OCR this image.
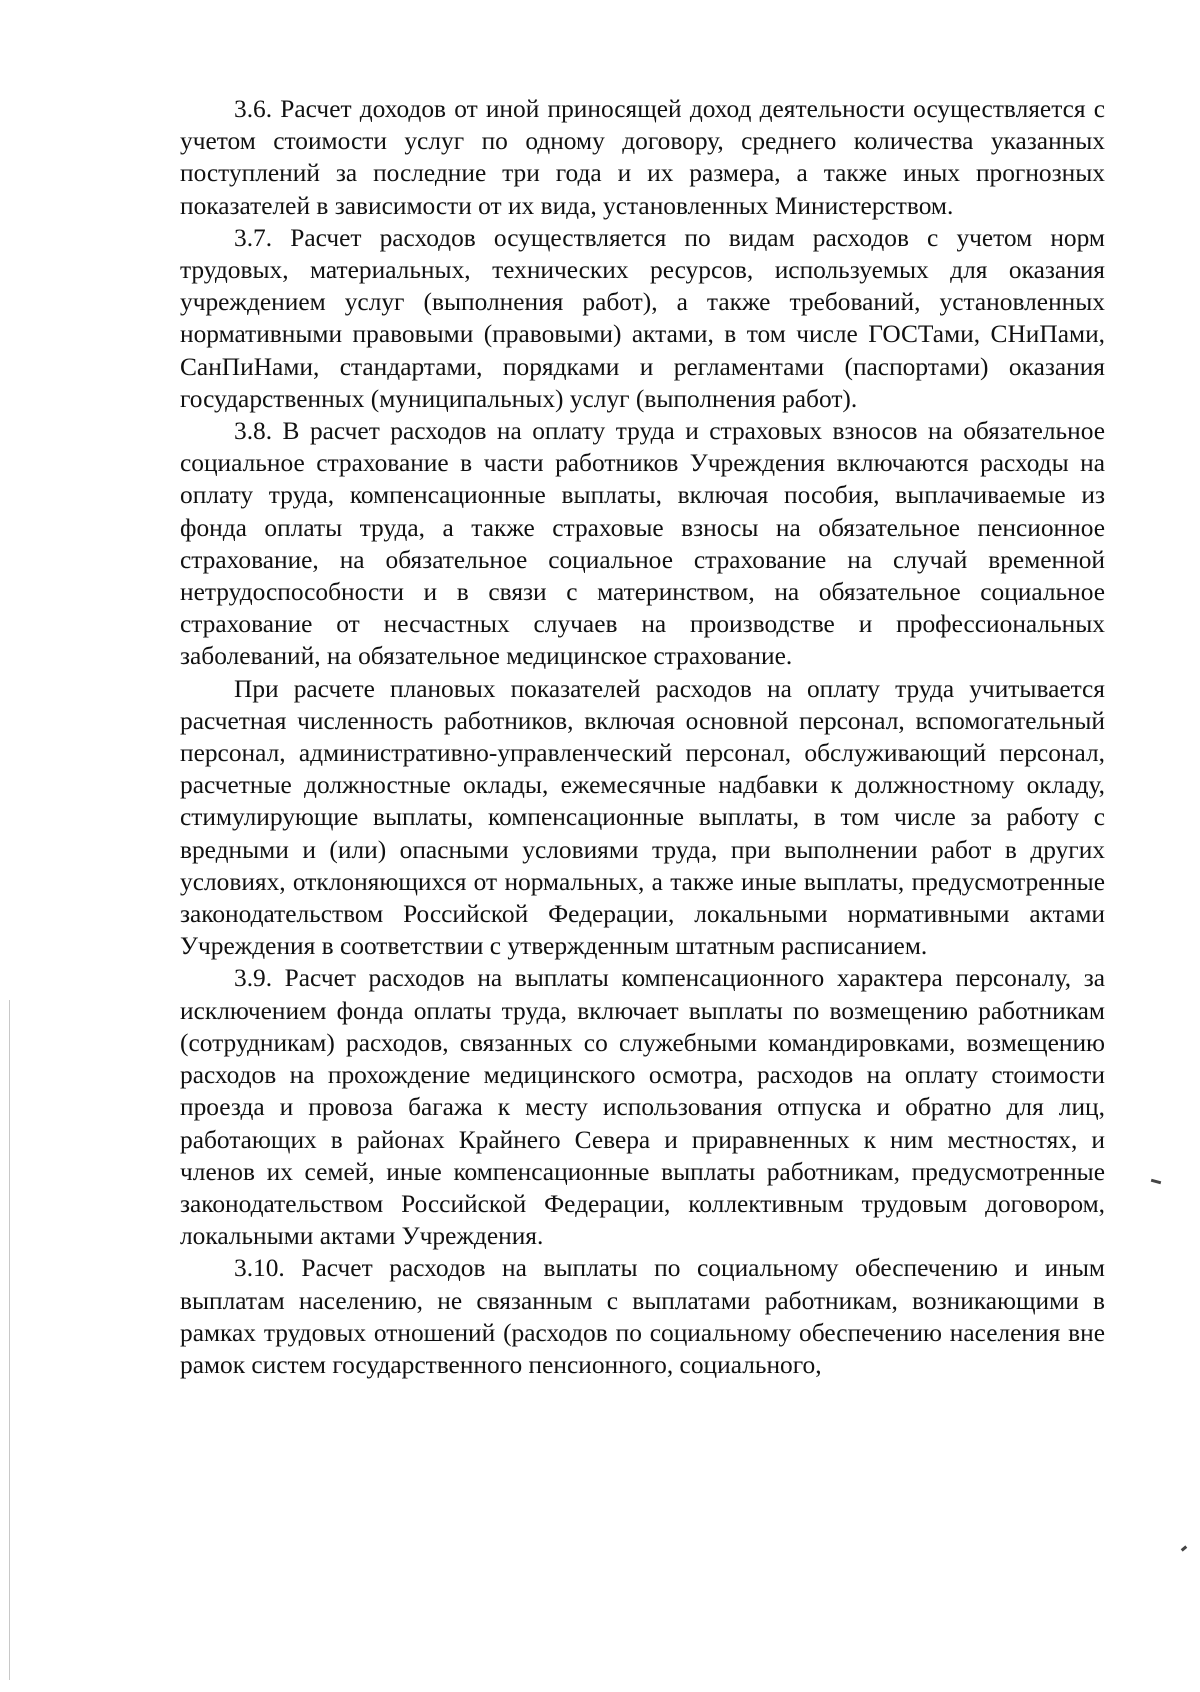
3.6. Расчет доходов от иной приносящей доход деятельности осуществляется с учетом стоимости услуг по одному договору, среднего количества указанных поступлений за последние три года и их размера, а также иных прогнозных показателей в зависимости от их вида, установленных Министерством.

3.7. Расчет расходов осуществляется по видам расходов с учетом норм трудовых, материальных, технических ресурсов, используемых для оказания учреждением услуг (выполнения работ), а также требований, установленных нормативными правовыми (правовыми) актами, в том числе ГОСТами, СНиПами, СанПиНами, стандартами, порядками и регламентами (паспортами) оказания государственных (муниципальных) услуг (выполнения работ).

3.8. В расчет расходов на оплату труда и страховых взносов на обязательное социальное страхование в части работников Учреждения включаются расходы на оплату труда, компенсационные выплаты, включая пособия, выплачиваемые из фонда оплаты труда, а также страховые взносы на обязательное пенсионное страхование, на обязательное социальное страхование на случай временной нетрудоспособности и в связи с материнством, на обязательное социальное страхование от несчастных случаев на производстве и профессиональных заболеваний, на обязательное медицинское страхование.

При расчете плановых показателей расходов на оплату труда учитывается расчетная численность работников, включая основной персонал, вспомогательный персонал, административно-управленческий персонал, обслуживающий персонал, расчетные должностные оклады, ежемесячные надбавки к должностному окладу, стимулирующие выплаты, компенсационные выплаты, в том числе за работу с вредными и (или) опасными условиями труда, при выполнении работ в других условиях, отклоняющихся от нормальных, а также иные выплаты, предусмотренные законодательством Российской Федерации, локальными нормативными актами Учреждения в соответствии с утвержденным штатным расписанием.

3.9. Расчет расходов на выплаты компенсационного характера персоналу, за исключением фонда оплаты труда, включает выплаты по возмещению работникам (сотрудникам) расходов, связанных со служебными командировками, возмещению расходов на прохождение медицинского осмотра, расходов на оплату стоимости проезда и провоза багажа к месту использования отпуска и обратно для лиц, работающих в районах Крайнего Севера и приравненных к ним местностях, и членов их семей, иные компенсационные выплаты работникам, предусмотренные законодательством Российской Федерации, коллективным трудовым договором, локальными актами Учреждения.

3.10. Расчет расходов на выплаты по социальному обеспечению и иным выплатам населению, не связанным с выплатами работникам, возникающими в рамках трудовых отношений (расходов по социальному обеспечению населения вне рамок систем государственного пенсионного, социального,
